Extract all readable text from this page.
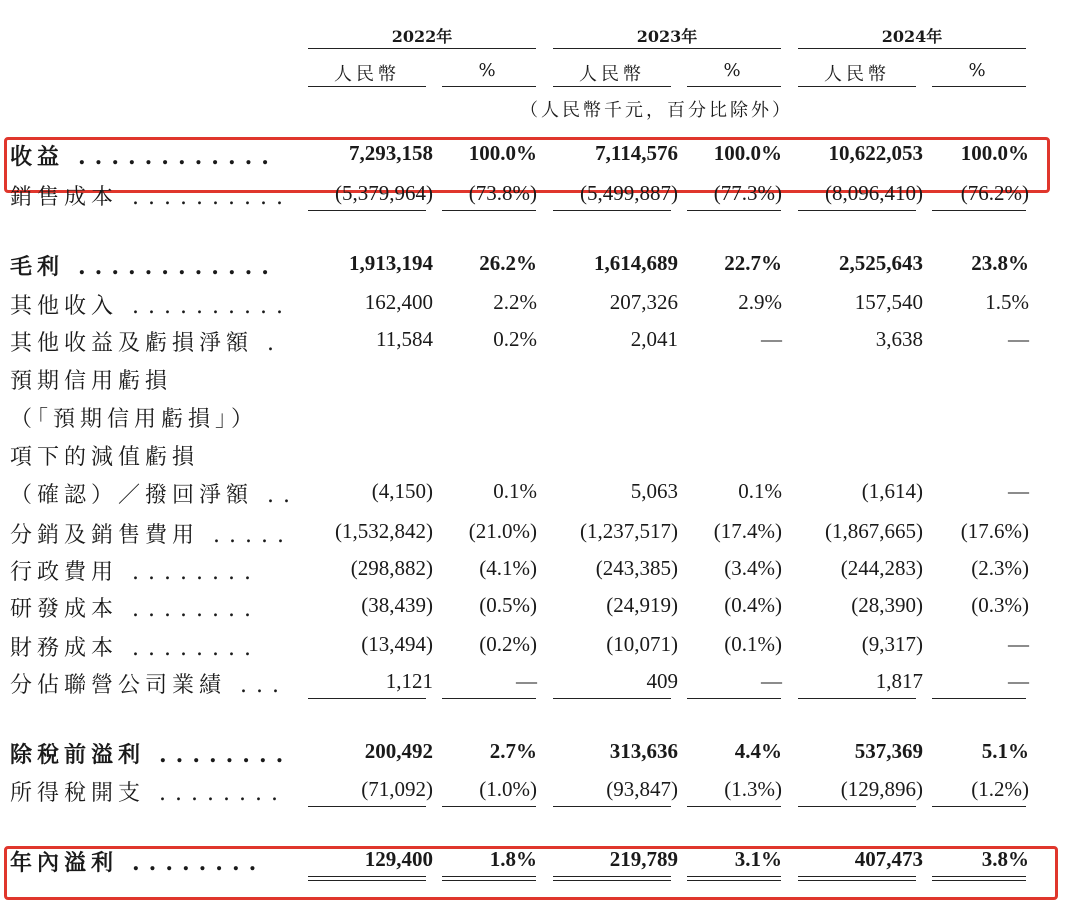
2022年	2023年	2024年
人民幣	%	人民幣	%	人民幣	%
（人民幣千元，百分比除外）
收益 ............	7,293,158	100.0%	7,114,576	100.0%	10,622,053	100.0%
銷售成本 ..........	(5,379,964)	(73.8%)	(5,499,887)	(77.3%)	(8,096,410)	(76.2%)
毛利 ............	1,913,194	26.2%	1,614,689	22.7%	2,525,643	23.8%
其他收入 ..........	162,400	2.2%	207,326	2.9%	157,540	1.5%
其他收益及虧損淨額 .	11,584	0.2%	2,041	—	3,638	—
預期信用虧損
（「預期信用虧損」）
項下的減值虧損
（確認）／撥回淨額 ..	(4,150)	0.1%	5,063	0.1%	(1,614)	—
分銷及銷售費用 .....	(1,532,842)	(21.0%)	(1,237,517)	(17.4%)	(1,867,665)	(17.6%)
行政費用 ........	(298,882)	(4.1%)	(243,385)	(3.4%)	(244,283)	(2.3%)
研發成本 ........	(38,439)	(0.5%)	(24,919)	(0.4%)	(28,390)	(0.3%)
財務成本 ........	(13,494)	(0.2%)	(10,071)	(0.1%)	(9,317)	—
分佔聯營公司業績 ...	1,121	—	409	—	1,817	—
除稅前溢利 ........	200,492	2.7%	313,636	4.4%	537,369	5.1%
所得稅開支 ........	(71,092)	(1.0%)	(93,847)	(1.3%)	(129,896)	(1.2%)
年內溢利 ........	129,400	1.8%	219,789	3.1%	407,473	3.8%
